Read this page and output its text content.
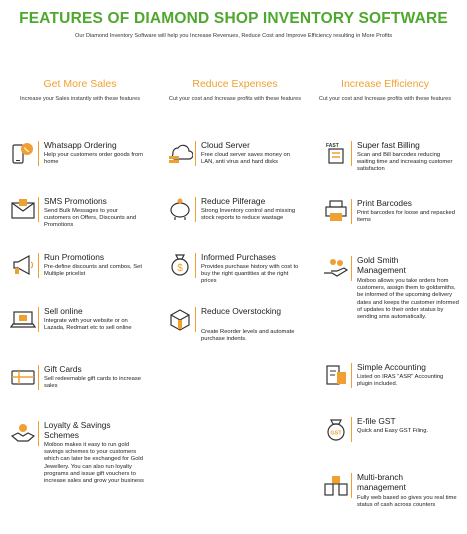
FEATURES OF DIAMOND SHOP INVENTORY SOFTWARE
Our Diamond Inventory Software will help you Increase Revenues, Reduce Cost and Improve Efficiency resulting in More Profits
Get More Sales
Increase your Sales instantly with these features
Reduce Expenses
Cut your cost and Increase profits with these features
Increase Efficiency
Cut your cost and Increase profits with these features
Whatsapp Ordering
Help your customers order goods from home
SMS Promotions
Send Bulk Messages to your customers on Offers, Discounts and Promotions
Run Promotions
Pre-define discounts and combos, Set Multiple pricelist
Sell online
Integrate with your website or on Lazada, Redmart etc to sell online
Gift Cards
Sell redeemable gift cards to increase sales
Loyalty & Savings Schemes
Moiboo makes it easy to run gold savings schemes to your customers which can later be exchanged for Gold Jewellery. You can also run loyalty programs and issue gift vouchers to increase sales and grow your business
Cloud Server
Free cloud server saves money on LAN, anti virus and hard disks
Reduce Pilferage
Strong Inventory control and missing stock reports to reduce wastage
$
Informed Purchases
Provides purchase history with cost to buy the right quantities at the right prices
Reduce Overstocking
Create Reorder levels and automate purchase indents.
FAST Super fast Billing
Scan and Bill barcodes reducing waiting time and increasing customer satisfacton
Print Barcodes
Print barcodes for loose and repacked items
Gold Smith Management
Moiboo allows you take orders from customers, assign them to goldsmiths, be informed of the upcoming delivery dates and keeps the customer informed of updates to their order status by sending sms automatically.
Simple Accounting
Listed on IRAS "ASR" Accounting plugin included.
GST
E-file GST
Quick and Easy GST Filing.
Multi-branch management
Fully web based so gives you real time status of cash across counters
